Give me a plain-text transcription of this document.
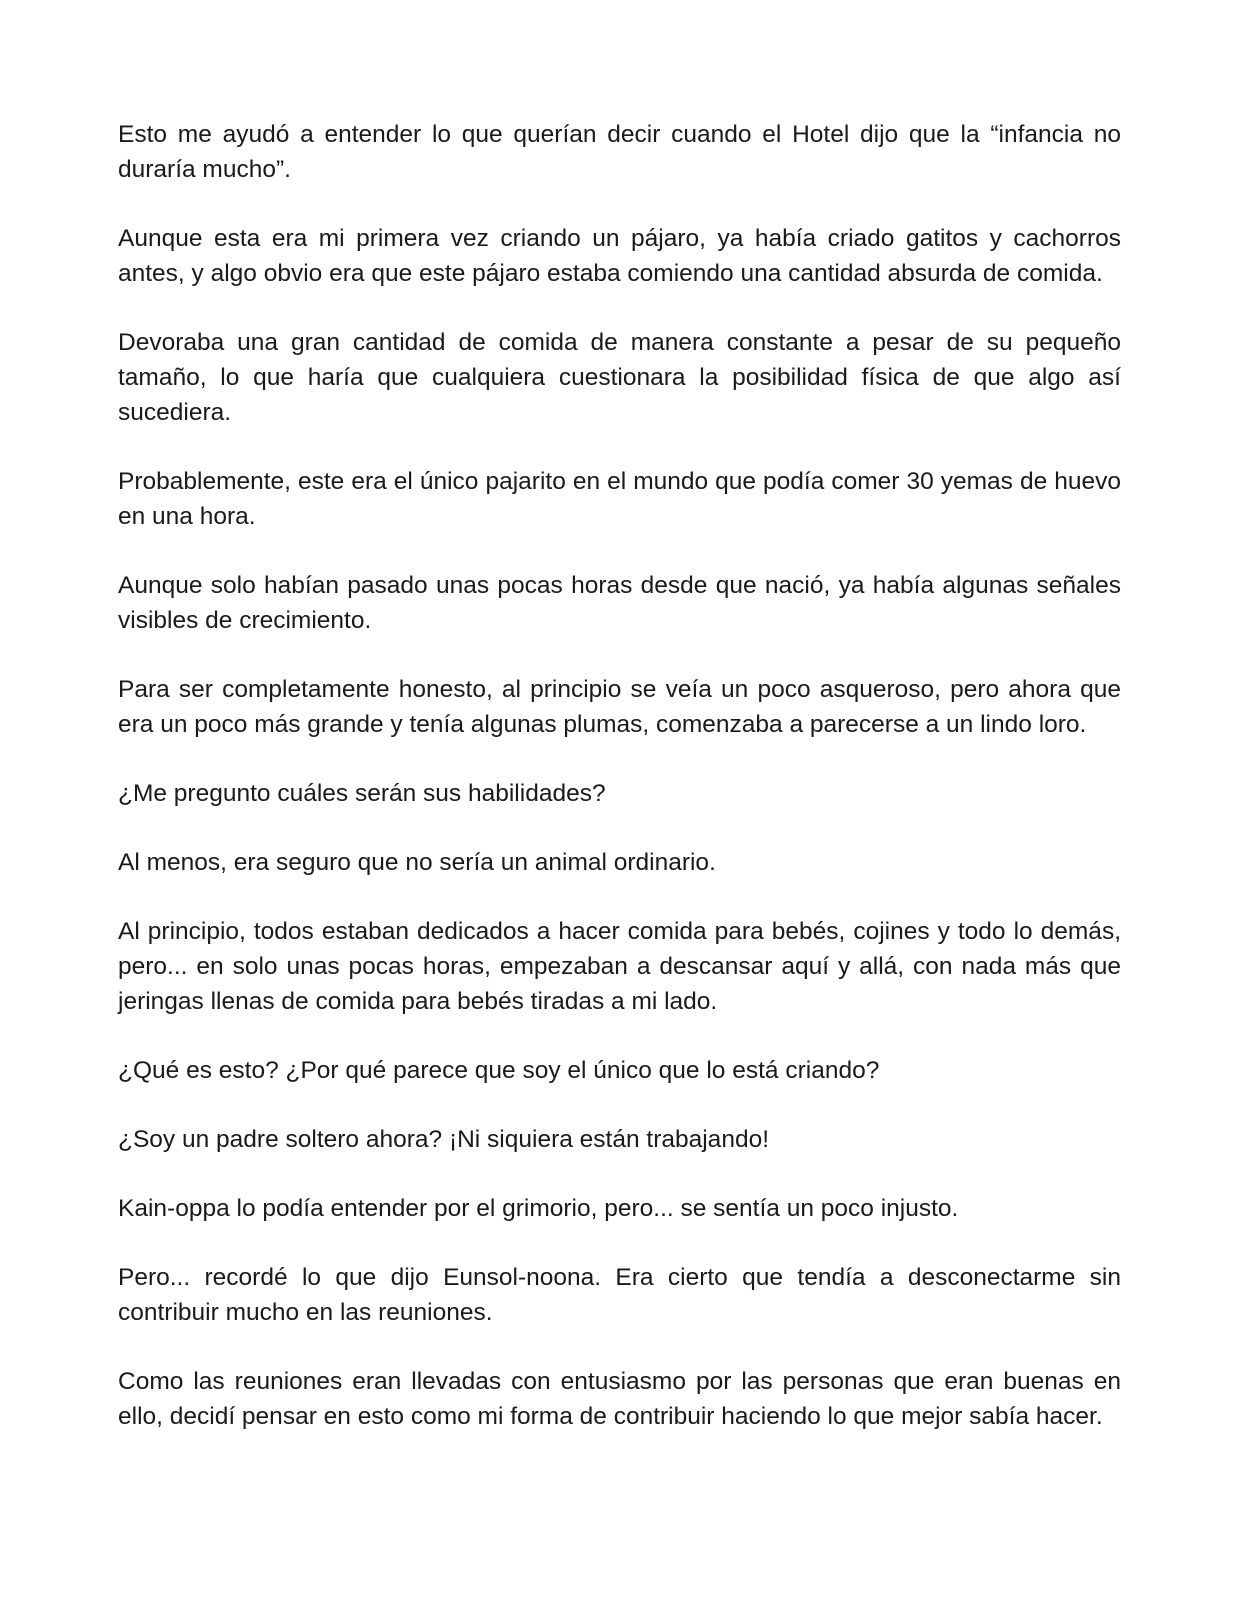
Esto me ayudó a entender lo que querían decir cuando el Hotel dijo que la “infancia no duraría mucho”.

Aunque esta era mi primera vez criando un pájaro, ya había criado gatitos y cachorros antes, y algo obvio era que este pájaro estaba comiendo una cantidad absurda de comida.

Devoraba una gran cantidad de comida de manera constante a pesar de su pequeño tamaño, lo que haría que cualquiera cuestionara la posibilidad física de que algo así sucediera.

Probablemente, este era el único pajarito en el mundo que podía comer 30 yemas de huevo en una hora.

Aunque solo habían pasado unas pocas horas desde que nació, ya había algunas señales visibles de crecimiento.

Para ser completamente honesto, al principio se veía un poco asqueroso, pero ahora que era un poco más grande y tenía algunas plumas, comenzaba a parecerse a un lindo loro.

¿Me pregunto cuáles serán sus habilidades?

Al menos, era seguro que no sería un animal ordinario.

Al principio, todos estaban dedicados a hacer comida para bebés, cojines y todo lo demás, pero... en solo unas pocas horas, empezaban a descansar aquí y allá, con nada más que jeringas llenas de comida para bebés tiradas a mi lado.

¿Qué es esto? ¿Por qué parece que soy el único que lo está criando?

¿Soy un padre soltero ahora? ¡Ni siquiera están trabajando!

Kain-oppa lo podía entender por el grimorio, pero... se sentía un poco injusto.

Pero... recordé lo que dijo Eunsol-noona. Era cierto que tendía a desconectarme sin contribuir mucho en las reuniones.

Como las reuniones eran llevadas con entusiasmo por las personas que eran buenas en ello, decidí pensar en esto como mi forma de contribuir haciendo lo que mejor sabía hacer.
